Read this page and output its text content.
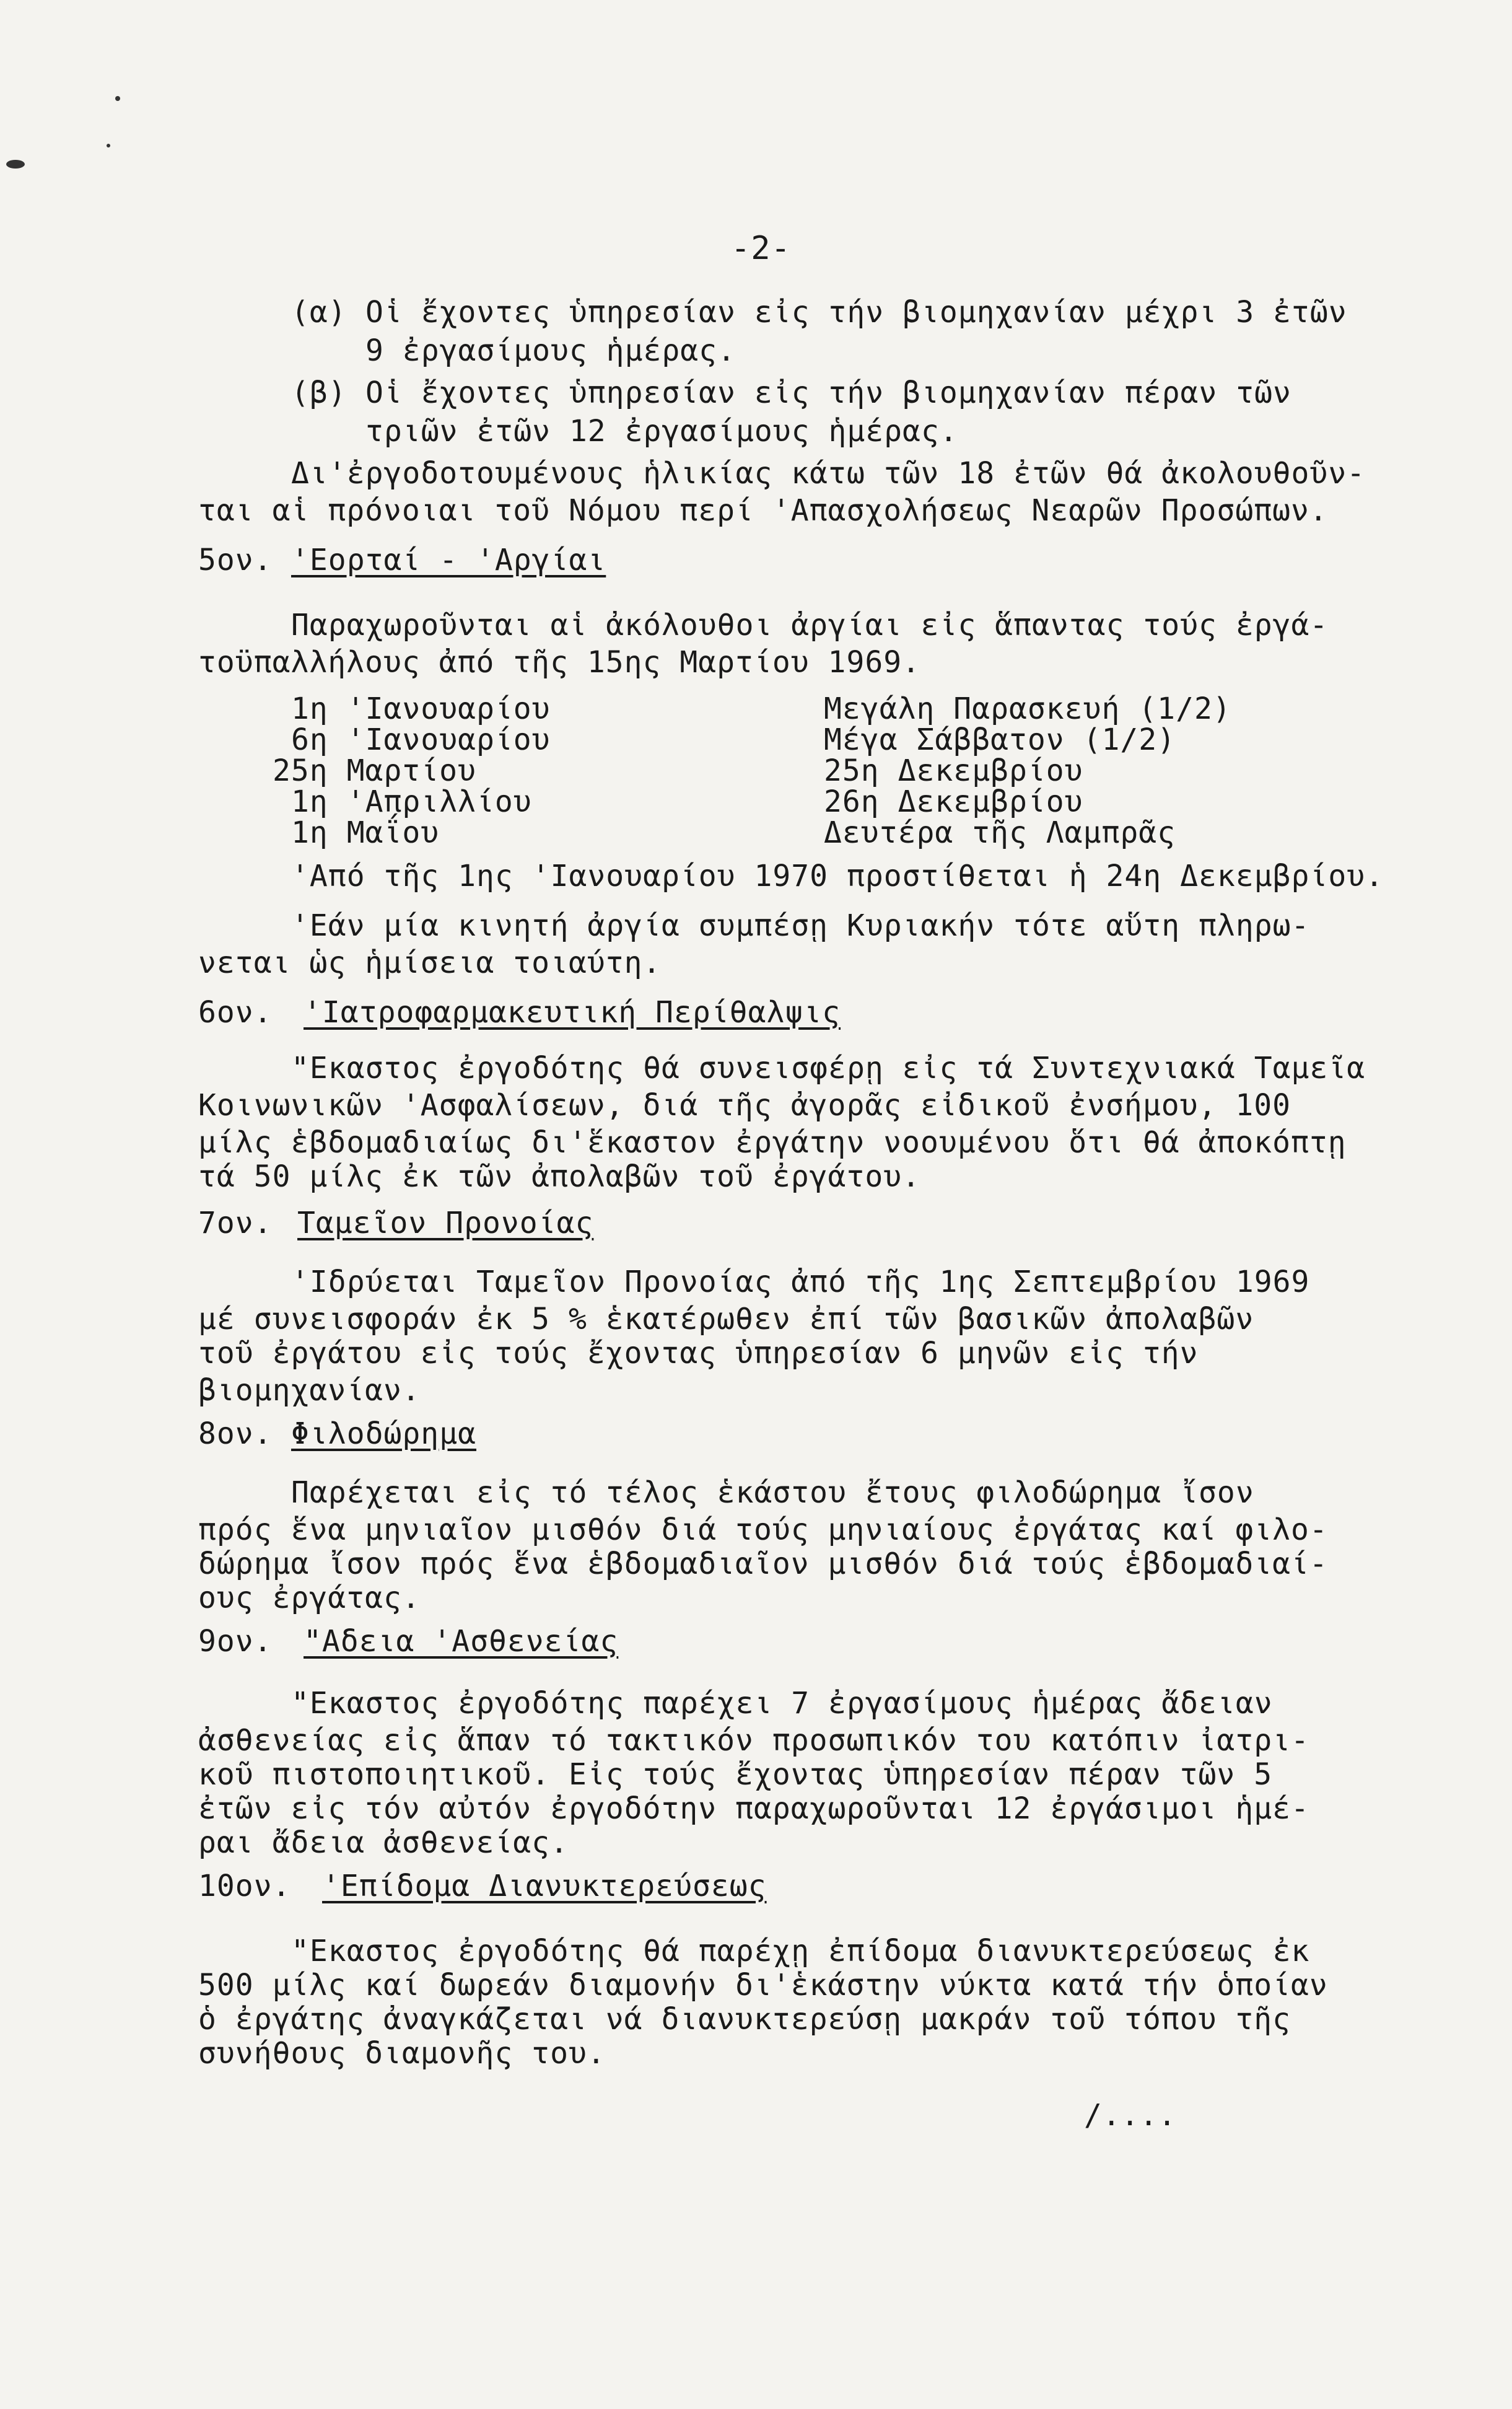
-2-
(α) Οἱ ἔχοντες ὑπηρεσίαν εἰς τήν βιομηχανίαν μέχρι 3 ἐτῶν
9 ἐργασίμους ἡμέρας.
(β) Οἱ ἔχοντες ὑπηρεσίαν εἰς τήν βιομηχανίαν πέραν τῶν
τριῶν ἐτῶν 12 ἐργασίμους ἡμέρας.
Δι'ἐργοδοτουμένους ἡλικίας κάτω τῶν 18 ἐτῶν θά ἀκολουθοῦν-
ται αἱ πρόνοιαι τοῦ Νόμου περί 'Απασχολήσεως Νεαρῶν Προσώπων.
5ον. 'Εορταί - 'Αργίαι
Παραχωροῦνται αἱ ἀκόλουθοι ἀργίαι εἰς ἅπαντας τούς ἐργά-
τοϋπαλλήλους ἀπό τῆς 15ης Μαρτίου 1969.
1η 'Ιανουαρίου
6η 'Ιανουαρίου
25η Μαρτίου
1η 'Απριλλίου
1η Μαΐου
Μεγάλη Παρασκευή (1/2)
Μέγα Σάββατον (1/2)
25η Δεκεμβρίου
26η Δεκεμβρίου
Δευτέρα τῆς Λαμπρᾶς
'Από τῆς 1ης 'Ιανουαρίου 1970 προστίθεται ἡ 24η Δεκεμβρίου.
'Εάν μία κινητή ἀργία συμπέσῃ Κυριακήν τότε αὕτη πληρω-
νεται ὡς ἡμίσεια τοιαύτη.
6ον. 'Ιατροφαρμακευτική Περίθαλψις
"Εκαστος ἐργοδότης θά συνεισφέρῃ εἰς τά Συντεχνιακά Ταμεῖα
Κοινωνικῶν 'Ασφαλίσεων, διά τῆς ἀγορᾶς εἰδικοῦ ἐνσήμου, 100
μίλς ἑβδομαδιαίως δι'ἕκαστον ἐργάτην νοουμένου ὅτι θά ἀποκόπτῃ
τά 50 μίλς ἐκ τῶν ἀπολαβῶν τοῦ ἐργάτου.
7ον. Ταμεῖον Προνοίας
'Ιδρύεται Ταμεῖον Προνοίας ἀπό τῆς 1ης Σεπτεμβρίου 1969
μέ συνεισφοράν ἐκ 5 % ἑκατέρωθεν ἐπί τῶν βασικῶν ἀπολαβῶν
τοῦ ἐργάτου εἰς τούς ἔχοντας ὑπηρεσίαν 6 μηνῶν εἰς τήν
βιομηχανίαν.
8ον. Φιλοδώρημα
Παρέχεται εἰς τό τέλος ἑκάστου ἔτους φιλοδώρημα ἴσον
πρός ἕνα μηνιαῖον μισθόν διά τούς μηνιαίους ἐργάτας καί φιλο-
δώρημα ἴσον πρός ἕνα ἑβδομαδιαῖον μισθόν διά τούς ἑβδομαδιαί-
ους ἐργάτας.
9ον. "Αδεια 'Ασθενείας
"Εκαστος ἐργοδότης παρέχει 7 ἐργασίμους ἡμέρας ἄδειαν
ἀσθενείας εἰς ἅπαν τό τακτικόν προσωπικόν του κατόπιν ἰατρι-
κοῦ πιστοποιητικοῦ. Εἰς τούς ἔχοντας ὑπηρεσίαν πέραν τῶν 5
ἐτῶν εἰς τόν αὐτόν ἐργοδότην παραχωροῦνται 12 ἐργάσιμοι ἡμέ-
ραι ἄδεια ἀσθενείας.
10ον. 'Επίδομα Διανυκτερεύσεως
"Εκαστος ἐργοδότης θά παρέχῃ ἐπίδομα διανυκτερεύσεως ἐκ
500 μίλς καί δωρεάν διαμονήν δι'ἑκάστην νύκτα κατά τήν ὁποίαν
ὁ ἐργάτης ἀναγκάζεται νά διανυκτερεύσῃ μακράν τοῦ τόπου τῆς
συνήθους διαμονῆς του.
/....
